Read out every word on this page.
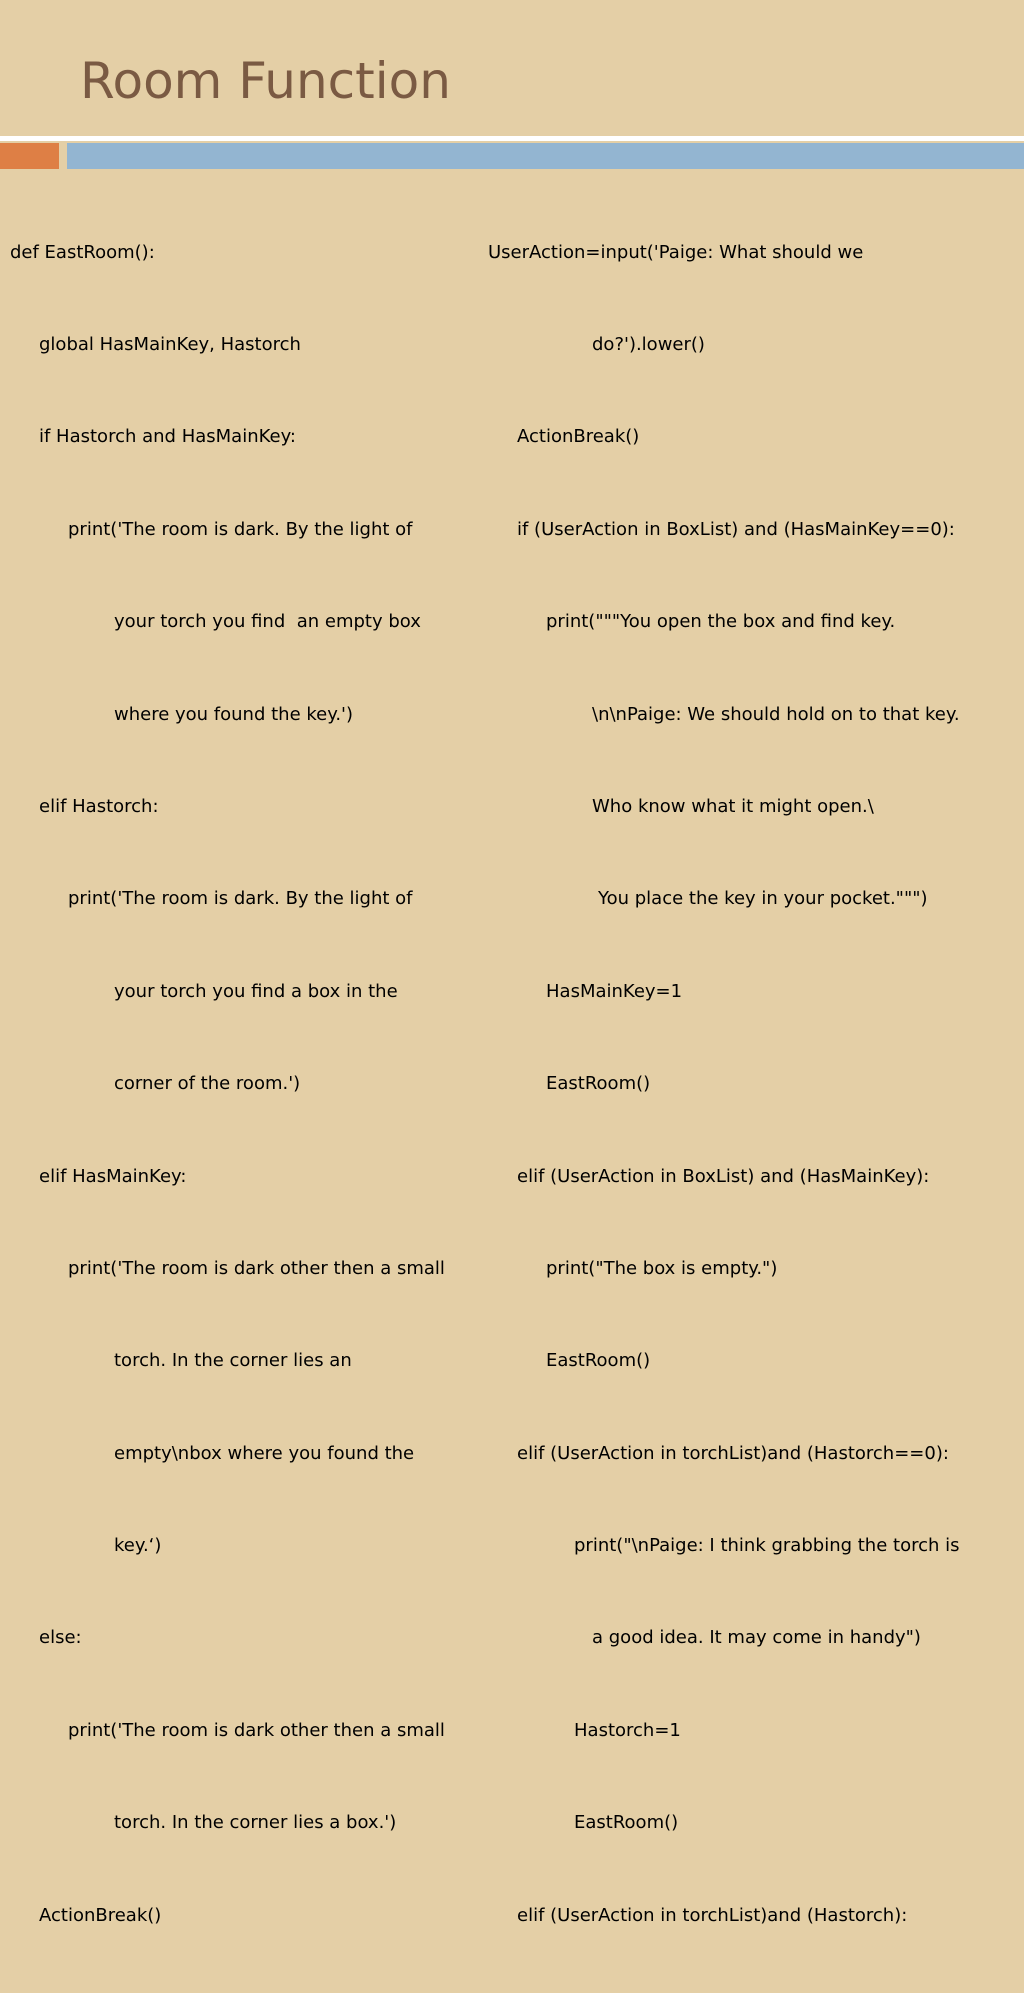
Room Function

def EastRoom():

global HasMainKey, Hastorch

if Hastorch and HasMainKey:

print('The room is dark. By the light of

your torch you find  an empty box

where you found the key.')

elif Hastorch:

print('The room is dark. By the light of

your torch you find a box in the

corner of the room.')

elif HasMainKey:

print('The room is dark other then a small

torch. In the corner lies an

empty\nbox where you found the

key.‘)

else:

print('The room is dark other then a small

torch. In the corner lies a box.')

ActionBreak()

UserAction=input('Paige: What should we

do?').lower()

ActionBreak()

if (UserAction in BoxList) and (HasMainKey==0):

print("""You open the box and find key.

\n\nPaige: We should hold on to that key.

Who know what it might open.\

You place the key in your pocket.""")

HasMainKey=1

EastRoom()

elif (UserAction in BoxList) and (HasMainKey):

print("The box is empty.")

EastRoom()

elif (UserAction in torchList)and (Hastorch==0):

print("\nPaige: I think grabbing the torch is

a good idea. It may come in handy")

Hastorch=1

EastRoom()

elif (UserAction in torchList)and (Hastorch):
